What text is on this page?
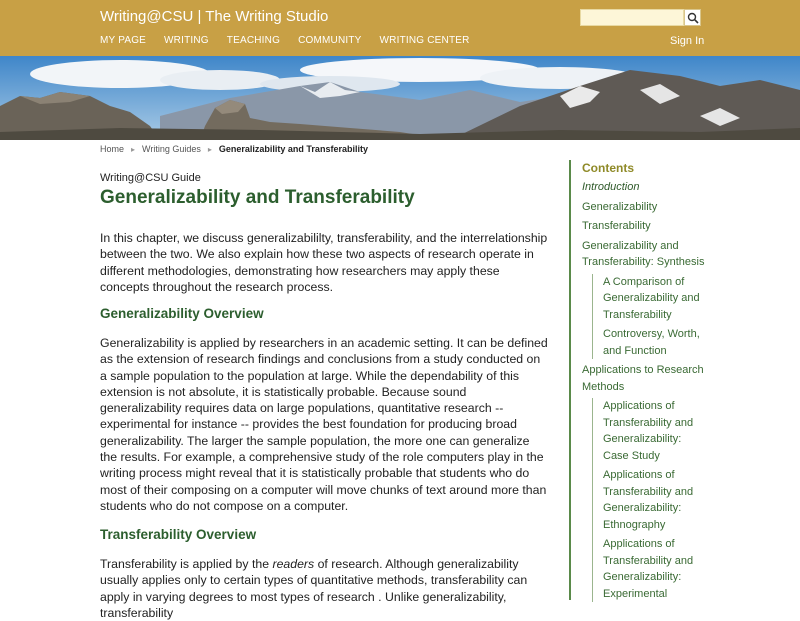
Writing@CSU | The Writing Studio
MY PAGE WRITING TEACHING COMMUNITY WRITING CENTER	Sign In
Home ▸ Writing Guides ▸ Generalizability and Transferability
Writing@CSU Guide
Generalizability and Transferability

In this chapter, we discuss generalizabililty, transferability, and the interrelationship between the two. We also explain how these two aspects of research operate in different methodologies, demonstrating how researchers may apply these concepts throughout the research process.

Generalizability Overview

Generalizability is applied by researchers in an academic setting. It can be defined as the extension of research findings and conclusions from a study conducted on a sample population to the population at large. While the dependability of this extension is not absolute, it is statistically probable. Because sound generalizability requires data on large populations, quantitative research -- experimental for instance -- provides the best foundation for producing broad generalizability. The larger the sample population, the more one can generalize the results. For example, a comprehensive study of the role computers play in the writing process might reveal that it is statistically probable that students who do most of their composing on a computer will move chunks of text around more than students who do not compose on a computer.

Transferability Overview

Transferability is applied by the readers of research. Although generalizability usually applies only to certain types of quantitative methods, transferability can apply in varying degrees to most types of research . Unlike generalizability, transferability

Contents
Introduction
Generalizability
Transferability
Generalizability and Transferability: Synthesis
A Comparison of Generalizability and Transferability
Controversy, Worth, and Function
Applications to Research Methods
Applications of Transferability and Generalizability: Case Study
Applications of Transferability and Generalizability: Ethnography
Applications of Transferability and Generalizability: Experimental
